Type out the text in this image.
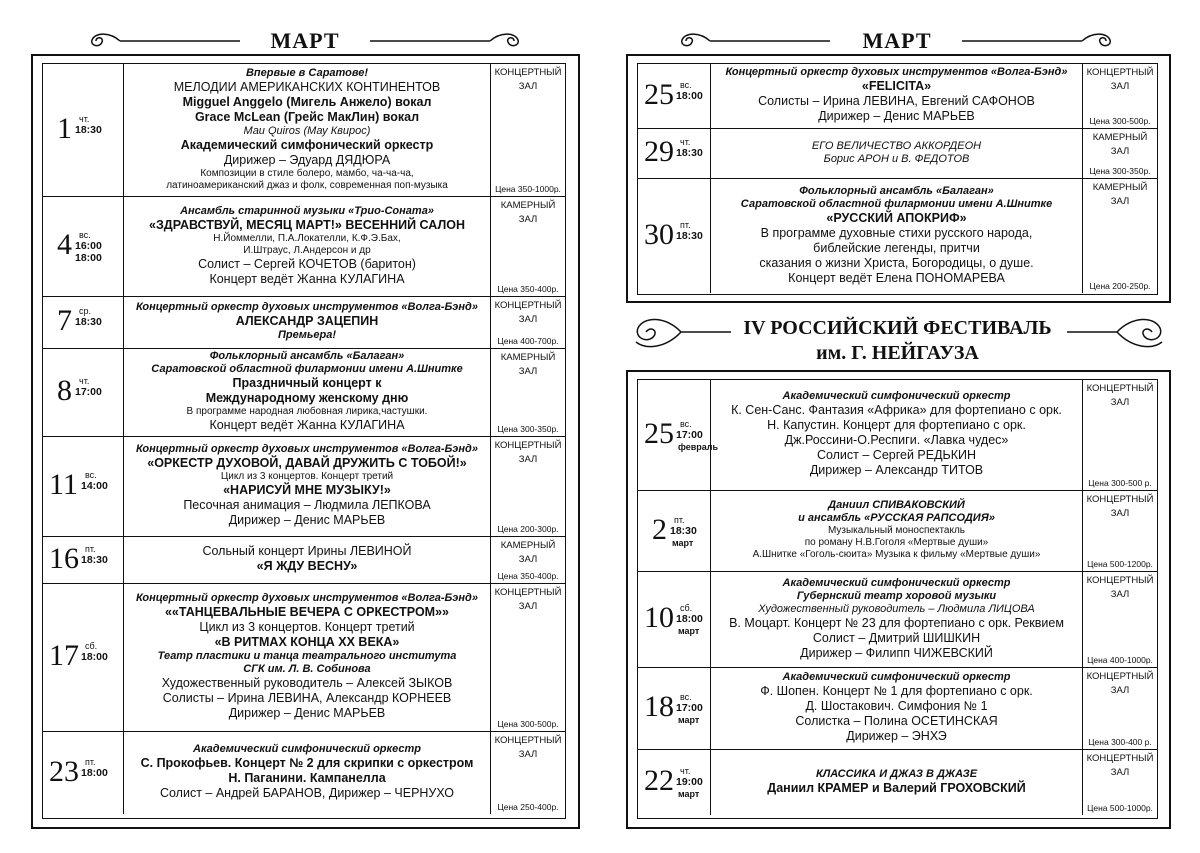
МАРТ
1 чт.
18:30
Впервые в Саратове!
МЕЛОДИИ АМЕРИКАНСКИХ КОНТИНЕНТОВ
Migguel Anggelo (Мигель Анжело) вокал
Grace McLean (Грейс МакЛин) вокал
Mau Quiros (Мау Квирос)
Академический симфонический оркестр
Дирижер – Эдуард ДЯДЮРА
Композиции в стиле болеро, мамбо, ча-ча-ча,
латиноамериканский джаз и фолк, современная поп-музыка
КОНЦЕРТНЫЙ
ЗАЛ
Цена 350-1000р.
4 вс.
16:00
18:00
Ансамбль старинной музыки «Трио-Соната»
«ЗДРАВСТВУЙ, МЕСЯЦ МАРТ!» ВЕСЕННИЙ САЛОН
Н.Йоммелли, П.А.Локателли, К.Ф.Э.Бах,
И.Штраус, Л.Андерсон и др
Солист – Сергей КОЧЕТОВ (баритон)
Концерт ведёт Жанна КУЛАГИНА
КАМЕРНЫЙ
ЗАЛ
Цена 350-400р.
7 ср.
18:30
Концертный оркестр духовых инструментов «Волга-Бэнд»
АЛЕКСАНДР ЗАЦЕПИН
Премьера!
КОНЦЕРТНЫЙ
ЗАЛ
Цена 400-700р.
8 чт.
17:00
Фольклорный ансамбль «Балаган»
Саратовской областной филармонии имени А.Шнитке
Праздничный концерт к
Международному женскому дню
В программе народная любовная лирика,частушки.
Концерт ведёт Жанна КУЛАГИНА
КАМЕРНЫЙ
ЗАЛ
Цена 300-350р.
11 вс.
14:00
Концертный оркестр духовых инструментов «Волга-Бэнд»
«ОРКЕСТР ДУХОВОЙ, ДАВАЙ ДРУЖИТЬ С ТОБОЙ!»
Цикл из 3 концертов. Концерт третий
«НАРИСУЙ МНЕ МУЗЫКУ!»
Песочная анимация – Людмила ЛЕПКОВА
Дирижер – Денис МАРЬЕВ
КОНЦЕРТНЫЙ
ЗАЛ
Цена 200-300р.
16 пт.
18:30
Сольный концерт Ирины ЛЕВИНОЙ
«Я ЖДУ ВЕСНУ»
КАМЕРНЫЙ
ЗАЛ
Цена 350-400р.
17 сб.
18:00
Концертный оркестр духовых инструментов «Волга-Бэнд»
««ТАНЦЕВАЛЬНЫЕ ВЕЧЕРА С ОРКЕСТРОМ»»
Цикл из 3 концертов. Концерт третий
«В РИТМАХ КОНЦА XX ВЕКА»
Театр пластики и танца театрального института
СГК им. Л. В. Собинова
Художественный руководитель – Алексей ЗЫКОВ
Солисты – Ирина ЛЕВИНА, Александр КОРНЕЕВ
Дирижер – Денис МАРЬЕВ
КОНЦЕРТНЫЙ
ЗАЛ
Цена 300-500р.
23 пт.
18:00
Академический симфонический оркестр
С. Прокофьев. Концерт № 2 для скрипки с оркестром
Н. Паганини. Кампанелла
Солист – Андрей БАРАНОВ, Дирижер – ЧЕРНУХО
КОНЦЕРТНЫЙ
ЗАЛ
Цена 250-400р.
МАРТ
25 вс.
18:00
Концертный оркестр духовых инструментов «Волга-Бэнд»
«FELICITA»
Солисты – Ирина ЛЕВИНА, Евгений САФОНОВ
Дирижер – Денис МАРЬЕВ
КОНЦЕРТНЫЙ
ЗАЛ
Цена 300-500р.
29 чт.
18:30
ЕГО ВЕЛИЧЕСТВО АККОРДЕОН
Борис АРОН и В. ФЕДОТОВ
КАМЕРНЫЙ
ЗАЛ
Цена 300-350р.
30 пт.
18:30
Фольклорный ансамбль «Балаган»
Саратовской областной филармонии имени А.Шнитке
«РУССКИЙ АПОКРИФ»
В программе духовные стихи русского народа,
библейские легенды, притчи
сказания о жизни Христа, Богородицы, о душе.
Концерт ведёт Елена ПОНОМАРЕВА
КАМЕРНЫЙ
ЗАЛ
Цена 200-250р.
IV РОССИЙСКИЙ ФЕСТИВАЛЬ
им. Г. НЕЙГАУЗА
25 вс.
17:00
февраль
Академический симфонический оркестр
К. Сен-Санс. Фантазия «Африка» для фортепиано с орк.
Н. Капустин. Концерт для фортепиано с орк.
Дж.Россини-О.Респиги. «Лавка чудес»
Солист – Сергей РЕДЬКИН
Дирижер – Александр ТИТОВ
КОНЦЕРТНЫЙ
ЗАЛ
Цена 300-500 р.
2 пт.
18:30
март
Даниил СПИВАКОВСКИЙ
и ансамбль «РУССКАЯ РАПСОДИЯ»
Музыкальный моноспектакль
по роману Н.В.Гоголя «Мертвые души»
А.Шнитке «Гоголь-сюита» Музыка к фильму «Мертвые души»
КОНЦЕРТНЫЙ
ЗАЛ
Цена 500-1200р.
10 сб.
18:00
март
Академический симфонический оркестр
Губернский театр хоровой музыки
Художественный руководитель – Людмила ЛИЦОВА
В. Моцарт. Концерт № 23 для фортепиано с орк. Реквием
Солист – Дмитрий ШИШКИН
Дирижер – Филипп ЧИЖЕВСКИЙ
КОНЦЕРТНЫЙ
ЗАЛ
Цена 400-1000р.
18 вс.
17:00
март
Академический симфонический оркестр
Ф. Шопен. Концерт № 1 для фортепиано с орк.
Д. Шостакович. Симфония № 1
Солистка – Полина ОСЕТИНСКАЯ
Дирижер – ЭНХЭ
КОНЦЕРТНЫЙ
ЗАЛ
Цена 300-400 р.
22 чт.
19:00
март
КЛАССИКА И ДЖАЗ В ДЖАЗЕ
Даниил КРАМЕР и Валерий ГРОХОВСКИЙ
КОНЦЕРТНЫЙ
ЗАЛ
Цена 500-1000р.
